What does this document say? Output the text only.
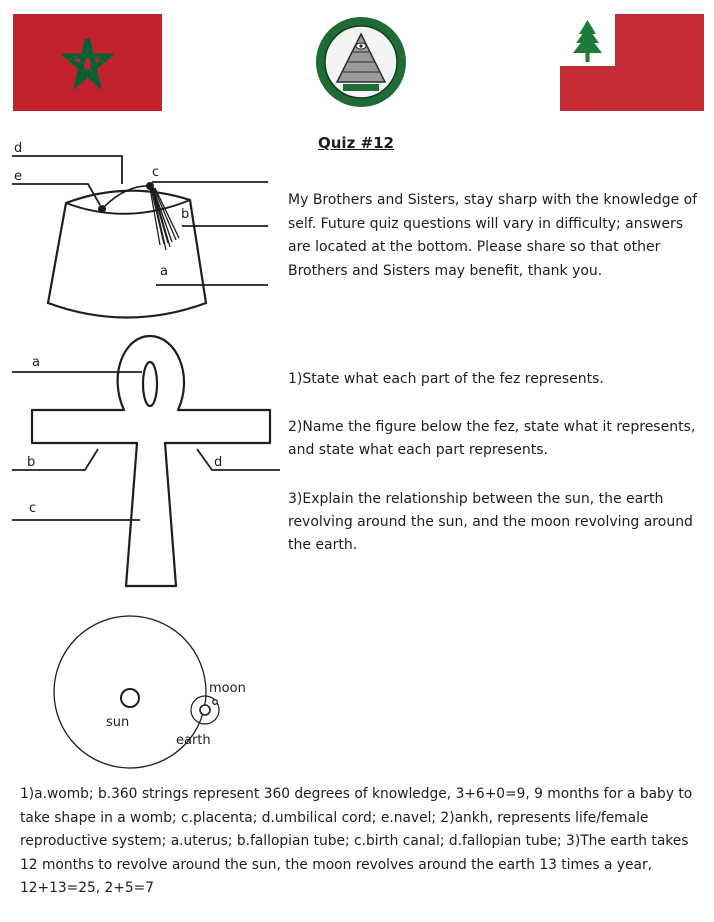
d
e	c
b
a
a
b	d
c
sun
earth
moon
Quiz #12
My Brothers and Sisters, stay sharp with the knowledge of self. Future quiz questions will vary in difficulty; answers are located at the bottom. Please share so that other Brothers and Sisters may benefit, thank you.
1)State what each part of the fez represents.
2)Name the figure below the fez, state what it represents, and state what each part represents.
3)Explain the relationship between the sun, the earth revolving around the sun, and the moon revolving around the earth.
1)a.womb; b.360 strings represent 360 degrees of knowledge, 3+6+0=9, 9 months for a baby to take shape in a womb; c.placenta; d.umbilical cord; e.navel; 2)ankh, represents life/female reproductive system; a.uterus; b.fallopian tube; c.birth canal; d.fallopian tube; 3)The earth takes 12 months to revolve around the sun, the moon revolves around the earth 13 times a year, 12+13=25, 2+5=7
